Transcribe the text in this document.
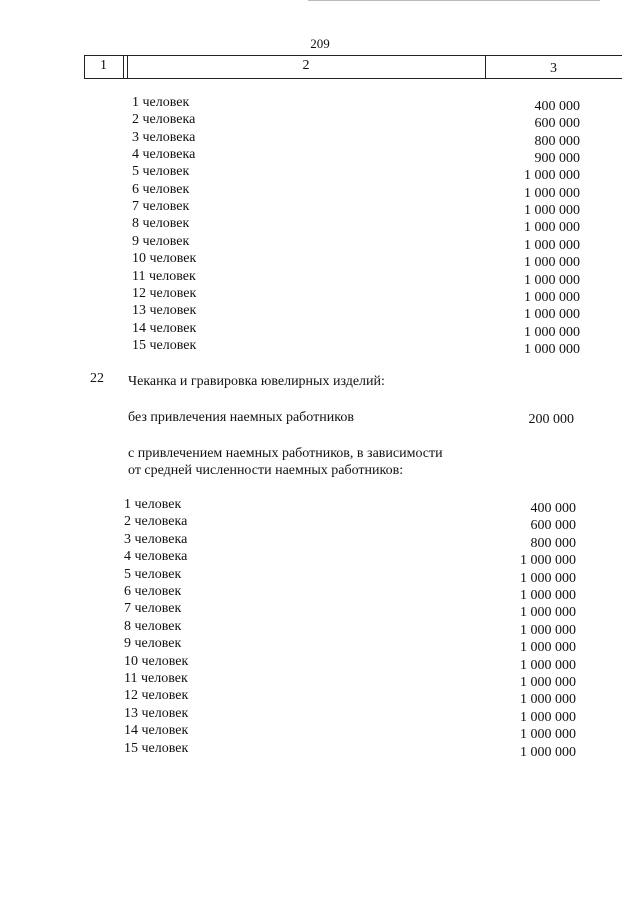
209
1	2	3
1 человек	400 000
2 человека	600 000
3 человека	800 000
4 человека	900 000
5 человек	1 000 000
6 человек	1 000 000
7 человек	1 000 000
8 человек	1 000 000
9 человек	1 000 000
10 человек	1 000 000
11 человек	1 000 000
12 человек	1 000 000
13 человек	1 000 000
14 человек	1 000 000
15 человек	1 000 000
22 Чеканка и гравировка ювелирных изделий:
без привлечения наемных работников	200 000
с привлечением наемных работников, в зависимости
от средней численности наемных работников:
1 человек	400 000
2 человека	600 000
3 человека	800 000
4 человека	1 000 000
5 человек	1 000 000
6 человек	1 000 000
7 человек	1 000 000
8 человек	1 000 000
9 человек	1 000 000
10 человек	1 000 000
11 человек	1 000 000
12 человек	1 000 000
13 человек	1 000 000
14 человек	1 000 000
15 человек	1 000 000
